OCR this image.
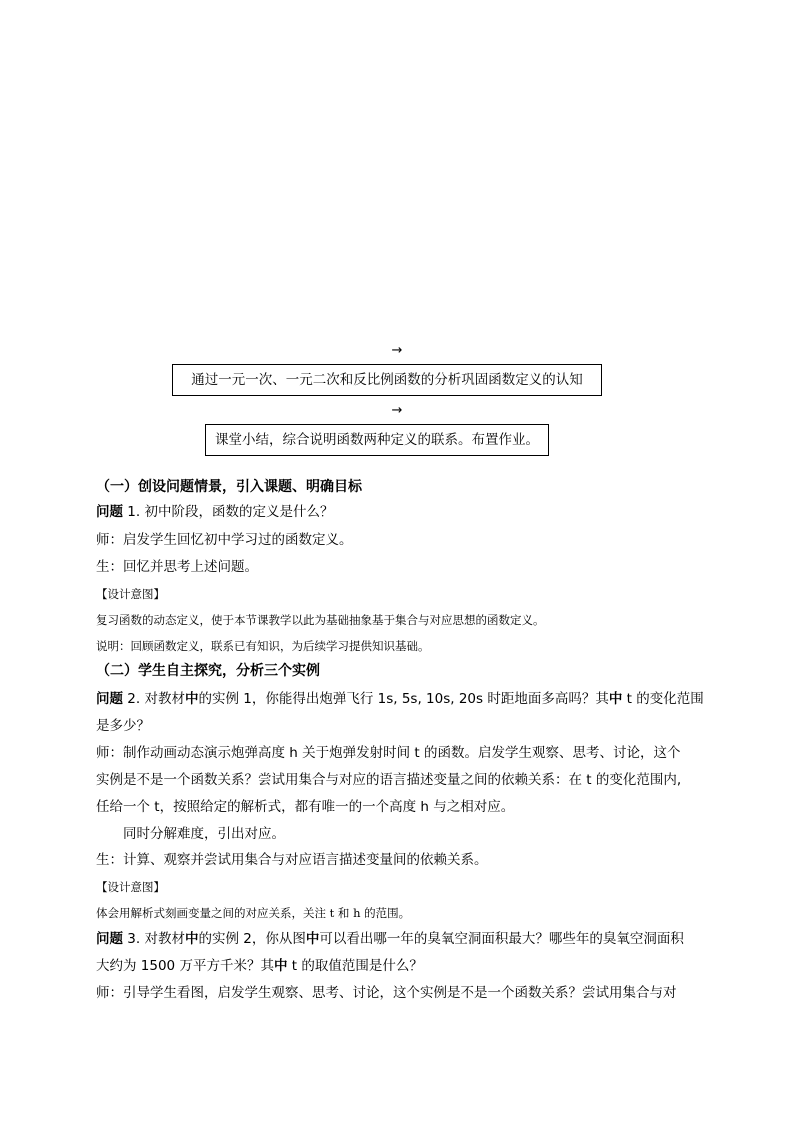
→
通过一元一次、一元二次和反比例函数的分析巩固函数定义的认知
→
课堂小结，综合说明函数两种定义的联系。布置作业。
（一）创设问题情景，引入课题、明确目标
问题 1. 初中阶段，函数的定义是什么？
师：启发学生回忆初中学习过的函数定义。
生：回忆并思考上述问题。
【设计意图】
复习函数的动态定义，使于本节课教学以此为基础抽象基于集合与对应思想的函数定义。
说明：回顾函数定义，联系已有知识，为后续学习提供知识基础。
（二）学生自主探究，分析三个实例
问题 2. 对教材中的实例 1，你能得出炮弹飞行 1s, 5s, 10s, 20s 时距地面多高吗？其中 t 的变化范围
是多少？
师：制作动画动态演示炮弹高度 h 关于炮弹发射时间 t 的函数。启发学生观察、思考、讨论，这个
实例是不是一个函数关系？尝试用集合与对应的语言描述变量之间的依赖关系：在 t 的变化范围内,
任给一个 t，按照给定的解析式，都有唯一的一个高度 h 与之相对应。
同时分解难度，引出对应。
生：计算、观察并尝试用集合与对应语言描述变量间的依赖关系。
【设计意图】
体会用解析式刻画变量之间的对应关系，关注 t 和 h 的范围。
问题 3. 对教材中的实例 2，你从图中可以看出哪一年的臭氧空洞面积最大？哪些年的臭氧空洞面积
大约为 1500 万平方千米？其中 t 的取值范围是什么？
师：引导学生看图，启发学生观察、思考、讨论，这个实例是不是一个函数关系？尝试用集合与对
